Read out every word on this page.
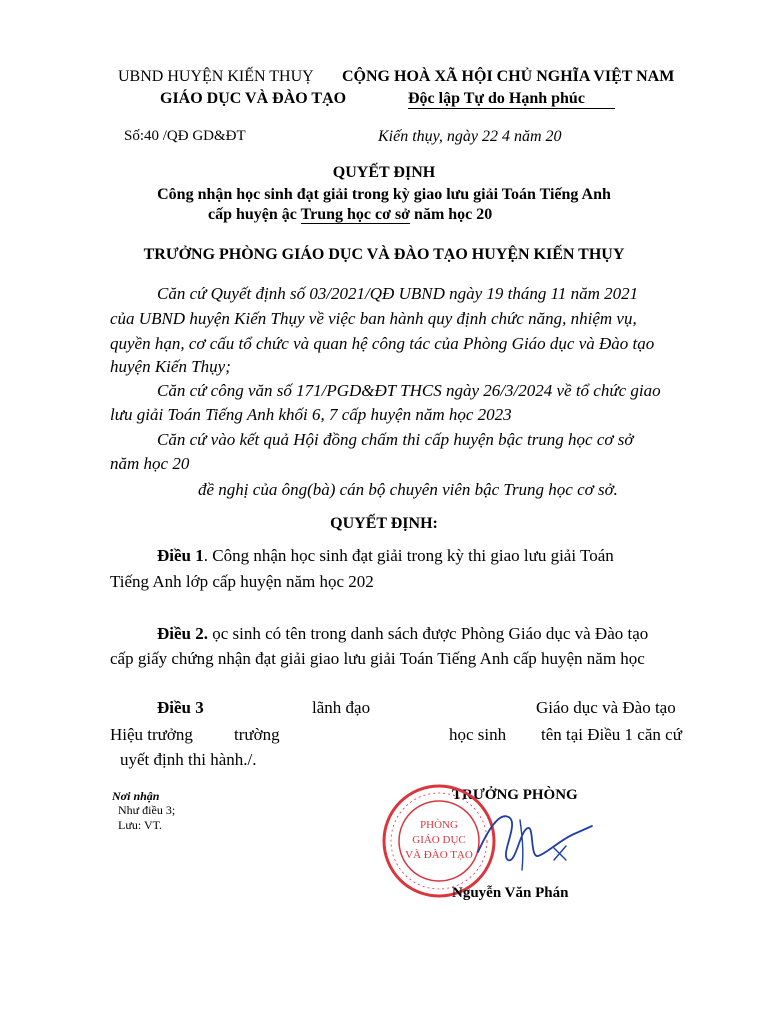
UBND HUYỆN KIẾN THUỴ
GIÁO DỤC VÀ ĐÀO TẠO
CỘNG HOÀ XÃ HỘI CHỦ NGHĨA VIỆT NAM
Độc lập Tự do Hạnh phúc
Số:40 /QĐ GD&ĐT	Kiến thụy, ngày 22 4 năm 20
QUYẾT ĐỊNH
Công nhận học sinh đạt giải trong kỳ giao lưu giải Toán Tiếng Anh
cấp huyện ậc Trung học cơ sở năm học 20
TRƯỞNG PHÒNG GIÁO DỤC VÀ ĐÀO TẠO HUYỆN KIẾN THỤY
Căn cứ Quyết định số 03/2021/QĐ UBND ngày 19 tháng 11 năm 2021
của UBND huyện Kiến Thụy về việc ban hành quy định chức năng, nhiệm vụ,
quyền hạn, cơ cấu tổ chức và quan hệ công tác của Phòng Giáo dục và Đào tạo
huyện Kiến Thụy;
Căn cứ công văn số 171/PGD&ĐT THCS ngày 26/3/2024 về tổ chức giao
lưu giải Toán Tiếng Anh khối 6, 7 cấp huyện năm học 2023
Căn cứ vào kết quả Hội đồng chấm thi cấp huyện bậc trung học cơ sở
năm học 20
đề nghị của ông(bà) cán bộ chuyên viên bậc Trung học cơ sở.
QUYẾT ĐỊNH:
Điều 1. Công nhận học sinh đạt giải trong kỳ thi giao lưu giải Toán
Tiếng Anh lớp cấp huyện năm học 202
Điều 2. ọc sinh có tên trong danh sách được Phòng Giáo dục và Đào tạo
cấp giấy chứng nhận đạt giải giao lưu giải Toán Tiếng Anh cấp huyện năm học
Điều 3	lãnh đạo	Giáo dục và Đào tạo
Hiệu trưởng trường	học sinh tên tại Điều 1 căn cứ
uyết định thi hành./.
Nơi nhận
Như điều 3;
Lưu: VT.
TRƯỞNG PHÒNG
PHÒNG
GIÁO DỤC
VÀ ĐÀO TẠO
Nguyễn Văn Phán
